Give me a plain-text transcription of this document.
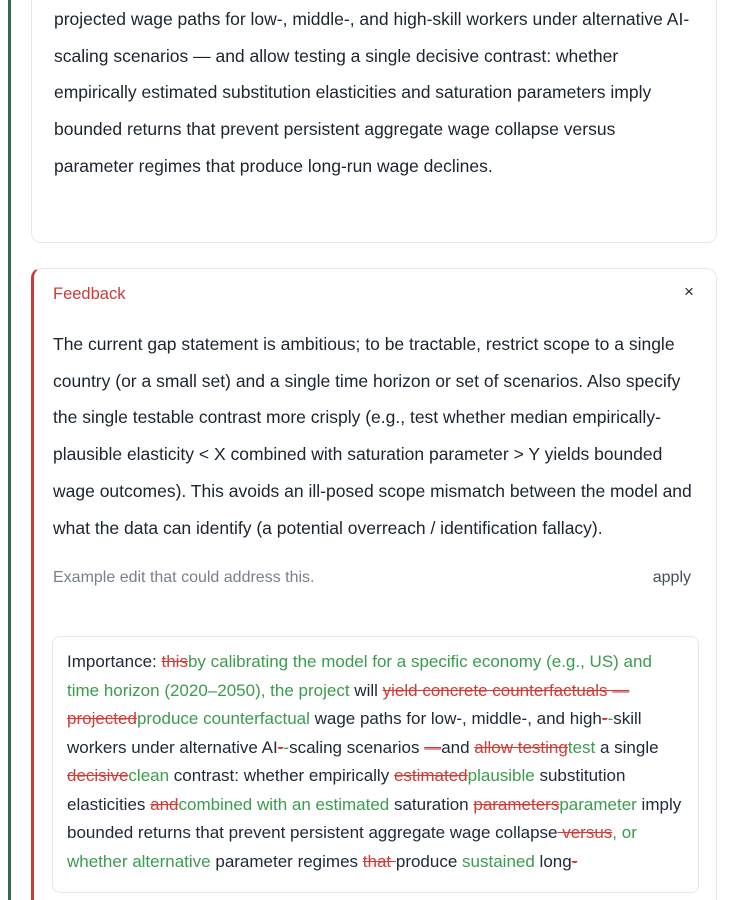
projected wage paths for low-, middle-, and high-skill workers under alternative AI-scaling scenarios — and allow testing a single decisive contrast: whether empirically estimated substitution elasticities and saturation parameters imply bounded returns that prevent persistent aggregate wage collapse versus parameter regimes that produce long-run wage declines.

×
Feedback

The current gap statement is ambitious; to be tractable, restrict scope to a single country (or a small set) and a single time horizon or set of scenarios. Also specify the single testable contrast more crisply (e.g., test whether median empirically-plausible elasticity < X combined with saturation parameter > Y yields bounded wage outcomes). This avoids an ill-posed scope mismatch between the model and what the data can identify (a potential overreach / identification fallacy).

Example edit that could address this.	apply
Importance: thisby calibrating the model for a specific economy (e.g., US) and time horizon (2020–2050), the project will yield concrete counterfactuals — projectedproduce counterfactual wage paths for low-, middle-, and high--skill workers under alternative AI--scaling scenarios —and allow testingtest a single decisiveclean contrast: whether empirically estimatedplausible substitution elasticities andcombined with an estimated saturation parametersparameter imply bounded returns that prevent persistent aggregate wage collapse versus, or whether alternative parameter regimes that produce sustained long-
